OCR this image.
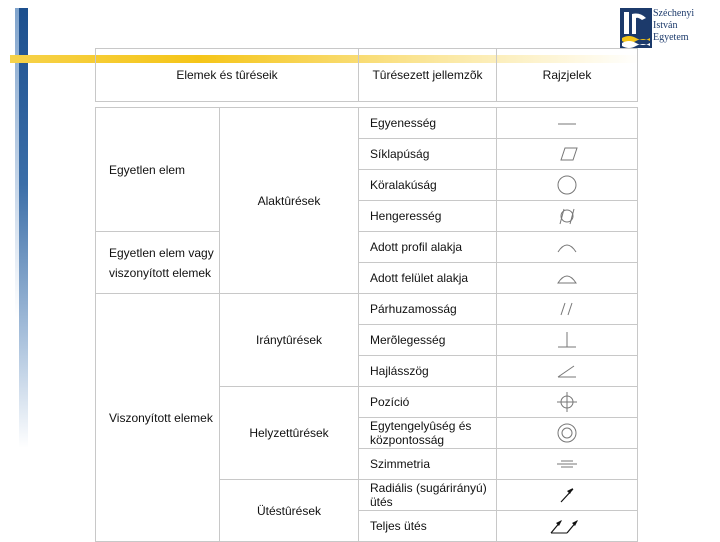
Széchenyi
István
Egyetem
Elemek és tûréseik		Tûrésezett jellemzõk	Rajzjelek

Egyetlen elem	Alaktûrések	Egyenesség	

		Síklapúság	

		Köralakúság	

		Hengeresség	

Egyetlen elem vagy
viszonyított elemek		Adott profil alakja	

		Adott felület alakja	

Viszonyított elemek	Iránytûrések	Párhuzamosság	

		Merõlegesség	

		Hajlásszög	

	Helyzettûrések	Pozíció	

		Egytengelyûség és
központosság

		Szimmetria	

	Ütéstûrések	Radiális (sugárirányú)
ütés

		Teljes ütés	
